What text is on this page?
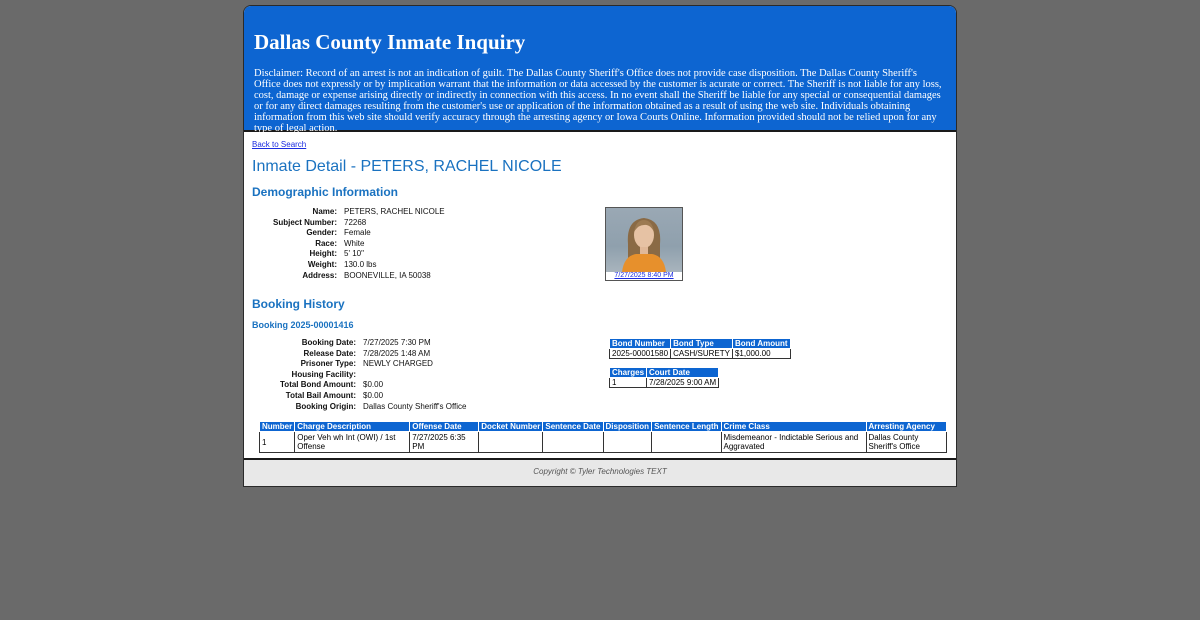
Dallas County Inmate Inquiry

Disclaimer: Record of an arrest is not an indication of guilt. The Dallas County Sheriff's Office does not provide case disposition. The Dallas County Sheriff's Office does not expressly or by implication warrant that the information or data accessed by the customer is acurate or correct. The Sheriff is not liable for any loss, cost, damage or expense arising directly or indirectly in connection with this access. In no event shall the Sheriff be liable for any special or consequential damages or for any direct damages resulting from the customer's use or application of the information obtained as a result of using the web site. Individuals obtaining information from this web site should verify accuracy through the arresting agency or Iowa Courts Online. Information provided should not be relied upon for any type of legal action.

Back to Search
Inmate Detail - PETERS, RACHEL NICOLE
Demographic Information
Name: PETERS, RACHEL NICOLE
Subject Number: 72268
Gender: Female
Race: White
Height: 5' 10"
Weight: 130.0 lbs
Address: BOONEVILLE, IA 50038	7/27/2025 8:40 PM
Booking History
Booking 2025-00001416
Booking Date: 7/27/2025 7:30 PM
Release Date: 7/28/2025 1:48 AM
Prisoner Type: NEWLY CHARGED
Housing Facility:
Total Bond Amount: $0.00
Total Bail Amount: $0.00
Booking Origin: Dallas County Sheriff's Office
Bond Number	Bond Type	Bond Amount
2025-00001580	CASH/SURETY	$1,000.00
Charges	Court Date
1	7/28/2025 9:00 AM
Number	Charge Description	Offense Date	Docket Number	Sentence Date	Disposition	Sentence Length	Crime Class	Arresting Agency
1	Oper Veh wh Int (OWI) / 1st Offense	7/27/2025 6:35 PM					Misdemeanor - Indictable Serious and Aggravated	Dallas County Sheriff's Office
Copyright © Tyler Technologies TEXT
